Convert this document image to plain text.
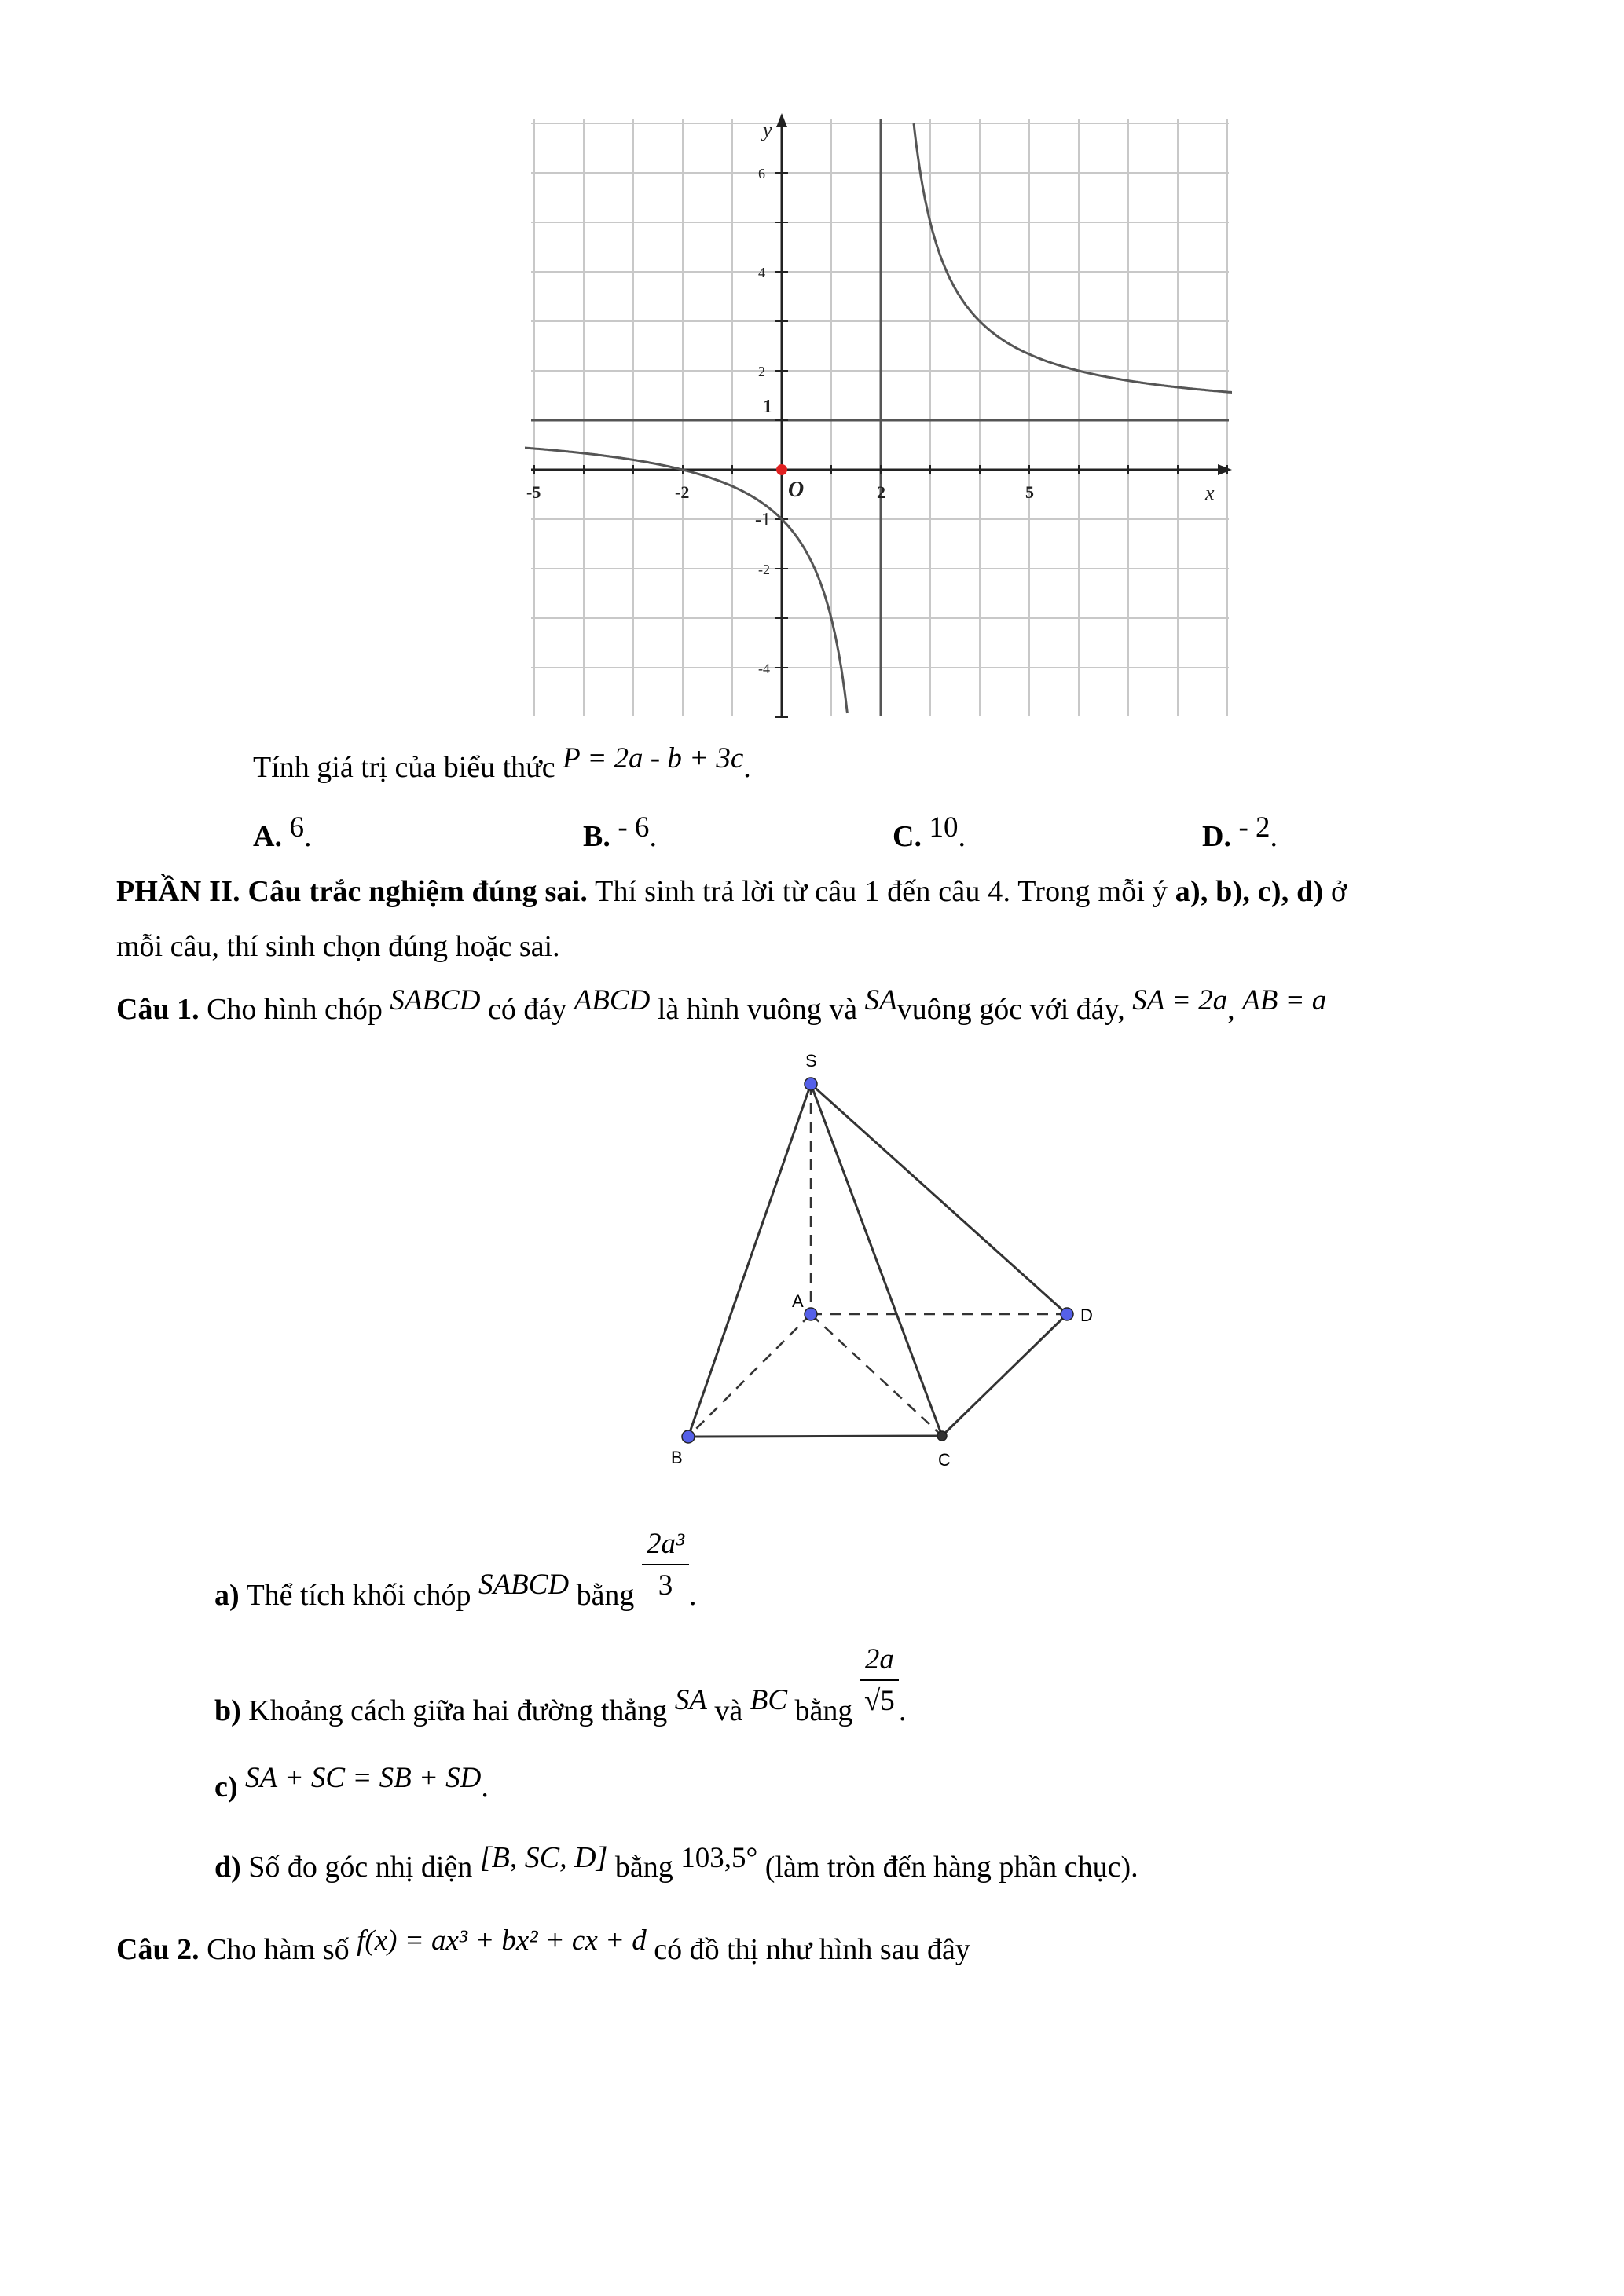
-5	-2	2	5
6
4
2
1
-1
-2
-4
O	x
y
Tính giá trị của biểu thức P = 2a - b + 3c.
A. 6.	B. - 6.	C. 10.	D. - 2.
PHẦN II. Câu trắc nghiệm đúng sai. Thí sinh trả lời từ câu 1 đến câu 4. Trong mỗi ý a), b), c), d) ở
mỗi câu, thí sinh chọn đúng hoặc sai.
Câu 1. Cho hình chóp SABCD có đáy ABCD là hình vuông và SAvuông góc với đáy, SA = 2a, AB = a
S
A
D
B	C
a) Thể tích khối chóp SABCD bằng $\frac{\text{2a³}}{3}$ .
b) Khoảng cách giữa hai đường thẳng SA và BC bằng $\frac{2a}{√5}$ .
c) SA + SC = SB + SD.
d) Số đo góc nhị diện [B, SC, D] bằng 103,5° (làm tròn đến hàng phần chục).
Câu 2. Cho hàm số f(x) = ax³ + bx² + cx + d có đồ thị như hình sau đây
